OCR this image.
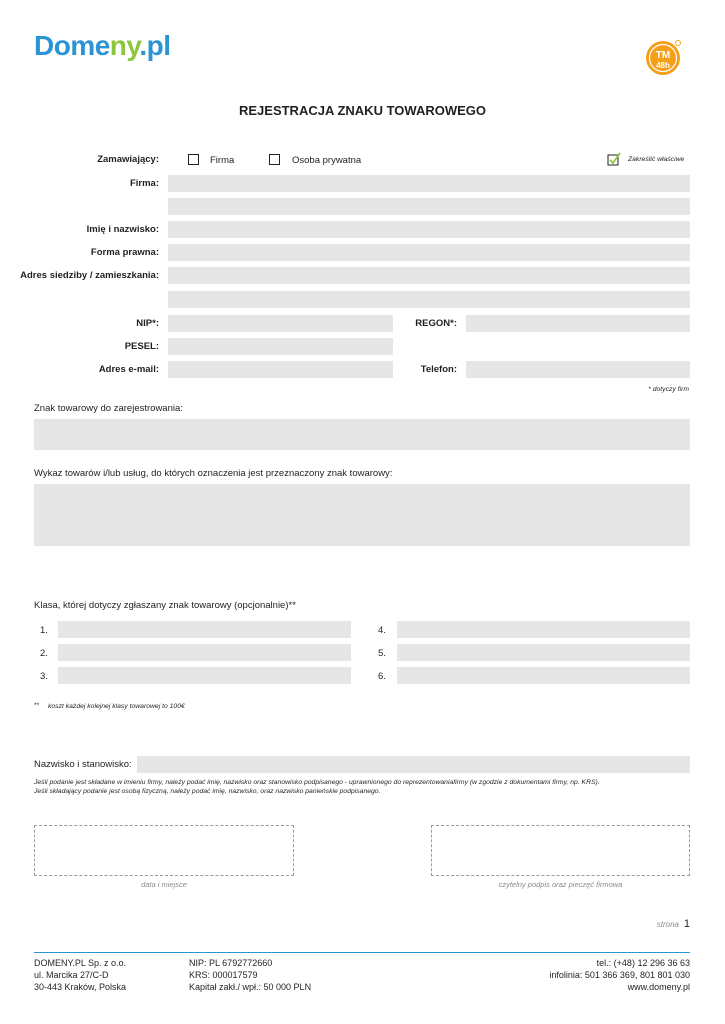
Domeny.pl	TM
48h
REJESTRACJA ZNAKU TOWAROWEGO
Zamawiający:	Firma	Osoba prywatna	Zakreślić właściwe
Firma:
Imię i nazwisko:
Forma prawna:
Adres siedziby / zamieszkania:
NIP*:	REGON*:
PESEL:
Adres e-mail:	Telefon:
* dotyczy firm
Znak towarowy do zarejestrowania:
Wykaz towarów i/lub usług, do których oznaczenia jest przeznaczony znak towarowy:
Klasa, której dotyczy zgłaszany znak towarowy (opcjonalnie)**
1.
2.
3.
4.
5.
6.
** koszt każdej kolejnej klasy towarowej to 100€
Nazwisko i stanowisko:
Jeśli podanie jest składane w imieniu firmy, należy podać imię, nazwisko oraz stanowisko podpisanego - uprawnionego do reprezentowaniafirmy (w zgodzie z dokumentami firmy, np. KRS).
Jeśli składający podanie jest osobą fizyczną, należy podać imię, nazwisko, oraz nazwisko panieńskie podpisanego.
data i miejsce	czytelny podpis oraz pieczęć firmowa
strona 1
DOMENY.PL Sp. z o.o.
ul. Marcika 27/C-D
30-443 Kraków, Polska
NIP: PL 6792772660
KRS: 000017579
Kapitał zakł./ wpł.: 50 000 PLN
tel.: (+48) 12 296 36 63
infolinia: 501 366 369, 801 801 030
www.domeny.pl
